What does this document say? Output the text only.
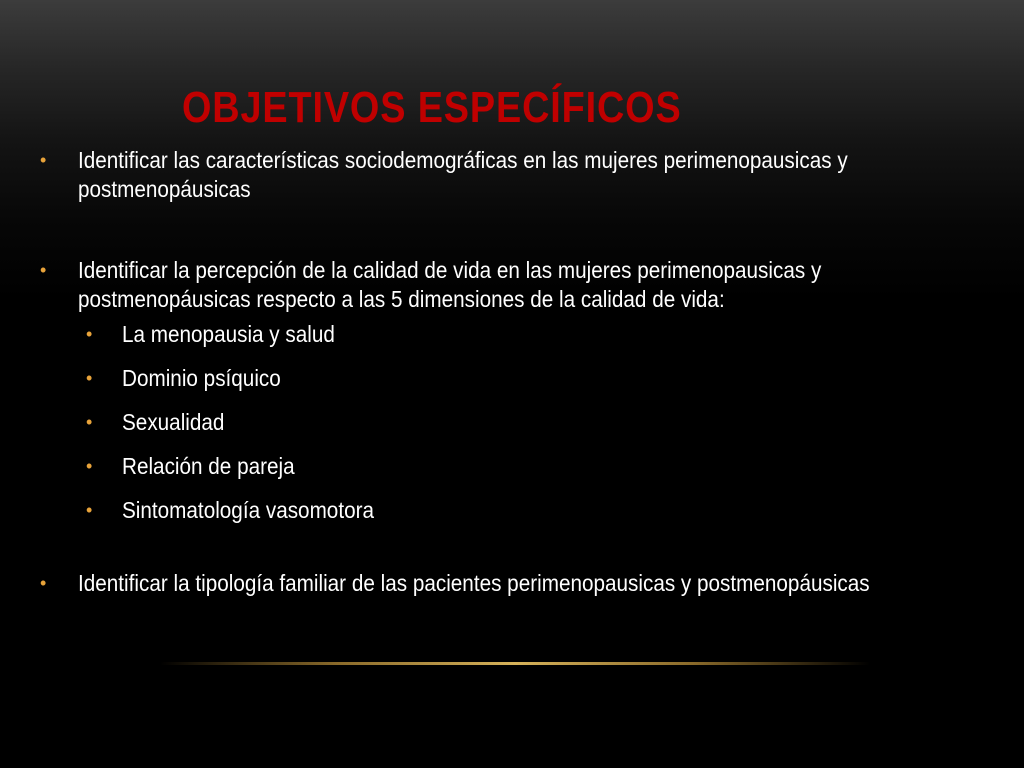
OBJETIVOS ESPECÍFICOS
• Identificar las características sociodemográficas en las mujeres perimenopausicas y postmenopáusicas
• Identificar la percepción de la calidad de vida en las mujeres perimenopausicas y postmenopáusicas respecto a las 5 dimensiones de la calidad de vida:
• La menopausia y salud
• Dominio psíquico
• Sexualidad
• Relación de pareja
• Sintomatología vasomotora
• Identificar la tipología familiar de las pacientes perimenopausicas y postmenopáusicas
